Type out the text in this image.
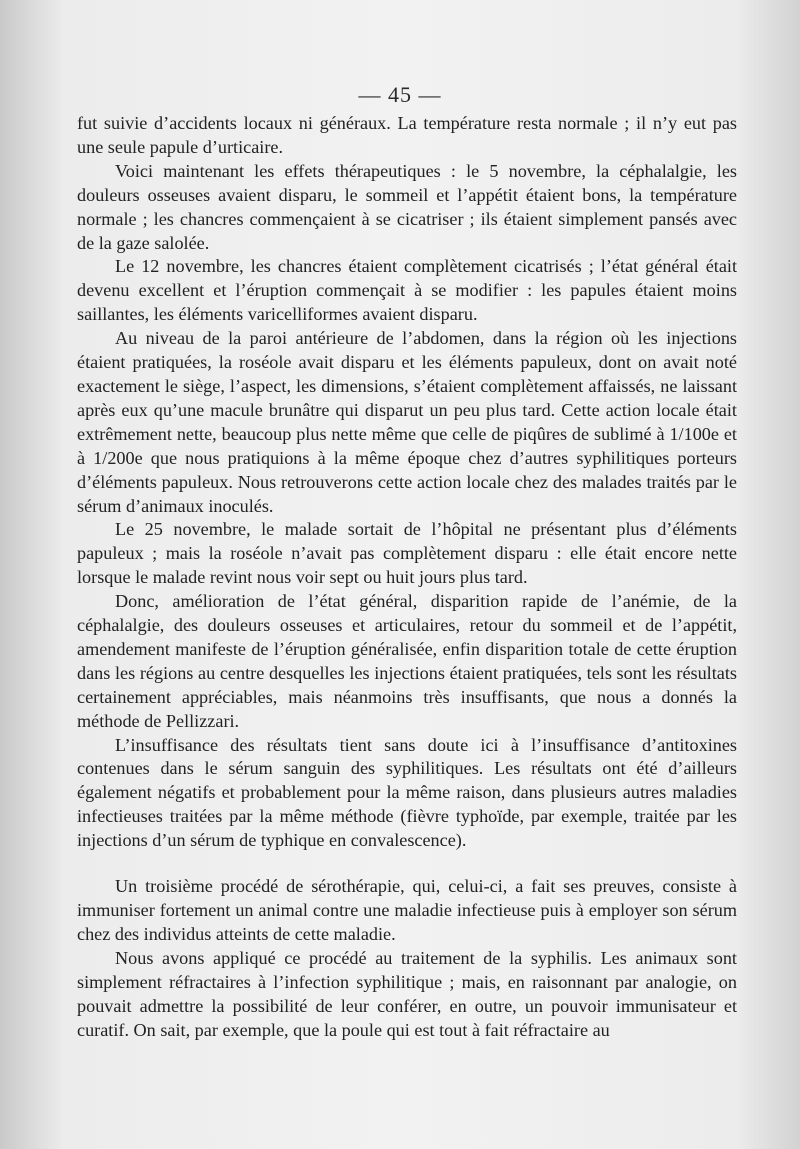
— 45 —

fut suivie d’accidents locaux ni généraux. La température resta normale ; il n’y eut pas une seule papule d’urticaire.

Voici maintenant les effets thérapeutiques : le 5 novembre, la céphalalgie, les douleurs osseuses avaient disparu, le sommeil et l’appétit étaient bons, la température normale ; les chancres commençaient à se cicatriser ; ils étaient simplement pansés avec de la gaze salolée.

Le 12 novembre, les chancres étaient complètement cicatrisés ; l’état général était devenu excellent et l’éruption commençait à se modifier : les papules étaient moins saillantes, les éléments varicelliformes avaient disparu.

Au niveau de la paroi antérieure de l’abdomen, dans la région où les injections étaient pratiquées, la roséole avait disparu et les éléments papuleux, dont on avait noté exactement le siège, l’aspect, les dimensions, s’étaient complètement affaissés, ne laissant après eux qu’une macule brunâtre qui disparut un peu plus tard. Cette action locale était extrêmement nette, beaucoup plus nette même que celle de piqûres de sublimé à 1/100e et à 1/200e que nous pratiquions à la même époque chez d’autres syphilitiques porteurs d’éléments papuleux. Nous retrouverons cette action locale chez des malades traités par le sérum d’animaux inoculés.

Le 25 novembre, le malade sortait de l’hôpital ne présentant plus d’éléments papuleux ; mais la roséole n’avait pas complètement disparu : elle était encore nette lorsque le malade revint nous voir sept ou huit jours plus tard.

Donc, amélioration de l’état général, disparition rapide de l’anémie, de la céphalalgie, des douleurs osseuses et articulaires, retour du sommeil et de l’appétit, amendement manifeste de l’éruption généralisée, enfin disparition totale de cette éruption dans les régions au centre desquelles les injections étaient pratiquées, tels sont les résultats certainement appréciables, mais néanmoins très insuffisants, que nous a donnés la méthode de Pellizzari.

L’insuffisance des résultats tient sans doute ici à l’insuffisance d’antitoxines contenues dans le sérum sanguin des syphilitiques. Les résultats ont été d’ailleurs également négatifs et probablement pour la même raison, dans plusieurs autres maladies infectieuses traitées par la même méthode (fièvre typhoïde, par exemple, traitée par les injections d’un sérum de typhique en convalescence).

Un troisième procédé de sérothérapie, qui, celui-ci, a fait ses preuves, consiste à immuniser fortement un animal contre une maladie infectieuse puis à employer son sérum chez des individus atteints de cette maladie.

Nous avons appliqué ce procédé au traitement de la syphilis. Les animaux sont simplement réfractaires à l’infection syphilitique ; mais, en raisonnant par analogie, on pouvait admettre la possibilité de leur conférer, en outre, un pouvoir immunisateur et curatif. On sait, par exemple, que la poule qui est tout à fait réfractaire au
